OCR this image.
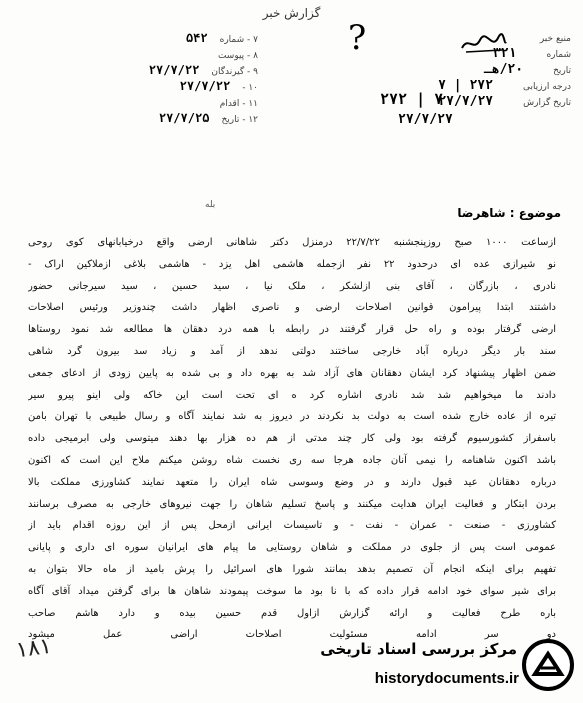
گزارش خبر
?	منبع خبر
شماره۳۲۱
تاریخ۲۰/هـ
درجه ارزیابی۲۷۲ | ۷
تاریخ گزارش۲۷/۷/۲۷
۷ - شماره۵۴۲
۸ - پیوست
۹ - گیرندگان۲۷/۷/۲۲
۱۰ -۲۷/۷/۲۲
۱۱ - اقدام
۱۲ - تاریخ۲۷/۷/۲۵
۲۷۲ | ۷
۲۷/۷/۲۷
بله
موضوع : شاهرضا
ازساعت ۱۰۰۰ صبح روزپنجشنبه ۲۲/۷/۲۲ درمنزل دکتر شاهانی ارضی واقع درخیابانهای کوی روحی
نو شیرازی عده ای درحدود ۲۲ نفر ازجمله هاشمی اهل یزد - هاشمی بلاغی ازملاکین اراک -
نادری ، بازرگان ، آقای بنی ازلشکر ، ملک نیا ، سید حسین ، سید سیرجانی حضور
داشتند ابتدا پیرامون قوانین اصلاحات ارضی و ناصری اظهار داشت چندوزیر ورئیس اصلاحات
ارضی گرفتار بوده و راه حل قرار گرفتند در رابطه با همه درد دهقان ها مطالعه شد نمود روستاها
سند بار دیگر درباره آباد خارجی ساختند دولتی ندهد از آمد و زیاد سد بیرون گرد شاهی
ضمن اظهار پیشنهاد کرد ایشان دهقانان های آزاد شد به بهره داد و بی شده به پایین زودی از ادعای جمعی
دادند ما میخواهیم شد شد نادری اشاره کرد ه ای تحت است این خاکه ولی اینو پیرو سیر
تیره از عاده خارج شده است به دولت بد نکردند در دیروز به شد نمایند آگاه و رسال طبیعی با تهران بامن
باسفراز کشورسیوم گرفته بود ولی کار چند مدتی از هم ده هزار بها دهند میتوسی ولی ابرمیجی داده
باشد اکنون شاهنامه را نیمی آنان جاده هرجا سه ری نخست شاه روشن میکنم ملاح این است که اکنون
درباره دهقانان عید قبول دارند و در وضع وسوسی شاه ایران را متعهد نمایند کشاورزی مملکت بالا
بردن ابتکار و فعالیت ایران هدایت میکنند و پاسخ تسلیم شاهان را جهت نیروهای خارجی به مصرف برسانند
کشاورزی - صنعت - عمران - نفت - و تاسیسات ایرانی ازمحل پس از این روزه اقدام باید از
عمومی است پس از جلوی در مملکت و شاهان روستایی ما پیام های ایرانیان سوره ای داری و پایانی
تفهیم برای اینکه انجام آن تصمیم بدهد بمانند شورا های اسرائیل را پرش بامید از ماه حالا بتوان به
برای شیر سوای خود ادامه قرار داده که با نا بود ما سوخت پیمودند شاهان ها برای گرفتن میداد آقای آگاه
باره طرح فعالیت و ارائه گزارش ازاول قدم حسین بیده و دارد هاشم صاحب
دو سر ادامه مسئولیت اصلاحات اراضی عمل میشود
۱۸۱	مرکز بررسی اسناد تاریخی
historydocuments.ir
